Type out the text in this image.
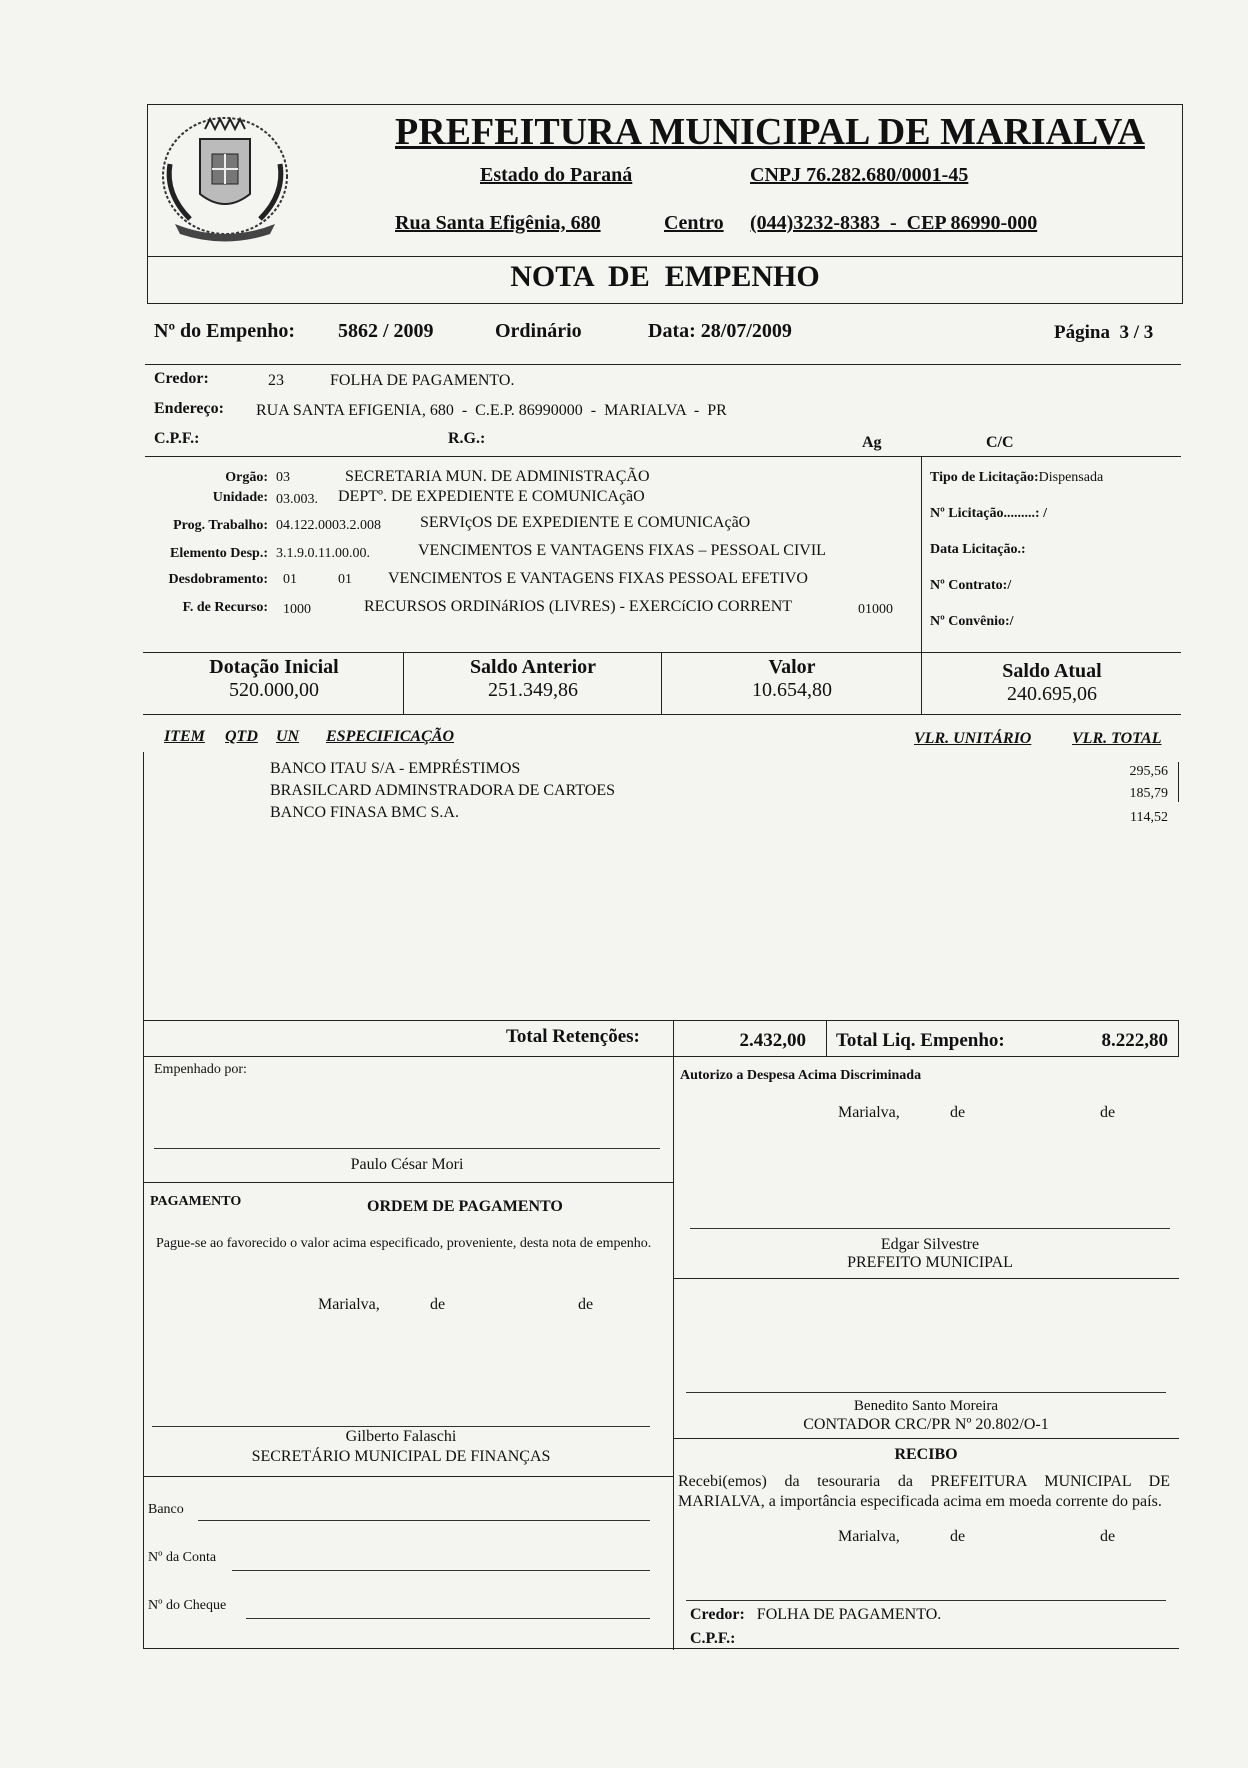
PREFEITURA MUNICIPAL DE MARIALVA
Estado do Paraná	CNPJ 76.282.680/0001-45
Rua Santa Efigênia, 680	Centro (044)3232-8383  -  CEP 86990-000
NOTA  DE  EMPENHO
Nº do Empenho: 5862 / 2009	Ordinário	Data: 28/07/2009	Página  3 / 3
Credor:	23	FOLHA DE PAGAMENTO.
Endereço: RUA SANTA EFIGENIA, 680  -  C.E.P. 86990000  -  MARIALVA  -  PR
C.P.F.:	R.G.:	Ag	C/C
Orgão: 03	SECRETARIA MUN. DE ADMINISTRAÇÃO
Unidade: 03.003. DEPTº. DE EXPEDIENTE E COMUNICAçãO
Prog. Trabalho: 04.122.0003.2.008 SERVIçOS DE EXPEDIENTE E COMUNICAçãO
Elemento Desp.: 3.1.9.0.11.00.00.	VENCIMENTOS E VANTAGENS FIXAS – PESSOAL CIVIL
Desdobramento: 01	01 VENCIMENTOS E VANTAGENS FIXAS PESSOAL EFETIVO
F. de Recurso: 1000	RECURSOS ORDINáRIOS (LIVRES) - EXERCíCIO CORRENT	01000
Tipo de Licitação:Dispensada
Nº Licitação.........: /
Data Licitação.:
Nº Contrato:/
Nº Convênio:/
Dotação Inicial
520.000,00
Saldo Anterior
251.349,86
Valor
10.654,80
Saldo Atual
240.695,06
ITEM QTD UN ESPECIFICAÇÃO	VLR. UNITÁRIO	VLR. TOTAL
BANCO ITAU S/A - EMPRÉSTIMOS	295,56
BRASILCARD ADMINSTRADORA DE CARTOES	185,79
BANCO FINASA BMC S.A.	114,52
Total Retenções:	2.432,00 Total Liq. Empenho:	8.222,80
Empenhado por:
Paulo César Mori
PAGAMENTO	ORDEM DE PAGAMENTO
Pague-se ao favorecido o valor acima especificado, proveniente, desta nota de empenho.
Marialva,	de	de
Gilberto Falaschi
SECRETÁRIO MUNICIPAL DE FINANÇAS
Banco
Nº da Conta
Nº do Cheque
Autorizo a Despesa Acima Discriminada
Marialva,	de	de
Edgar Silvestre
PREFEITO MUNICIPAL
Benedito Santo Moreira
CONTADOR CRC/PR Nº 20.802/O-1
RECIBO
Recebi(emos) da tesouraria da PREFEITURA MUNICIPAL DE MARIALVA, a importância especificada acima em moeda corrente do país.
Marialva,	de	de
Credor: FOLHA DE PAGAMENTO.
C.P.F.:
